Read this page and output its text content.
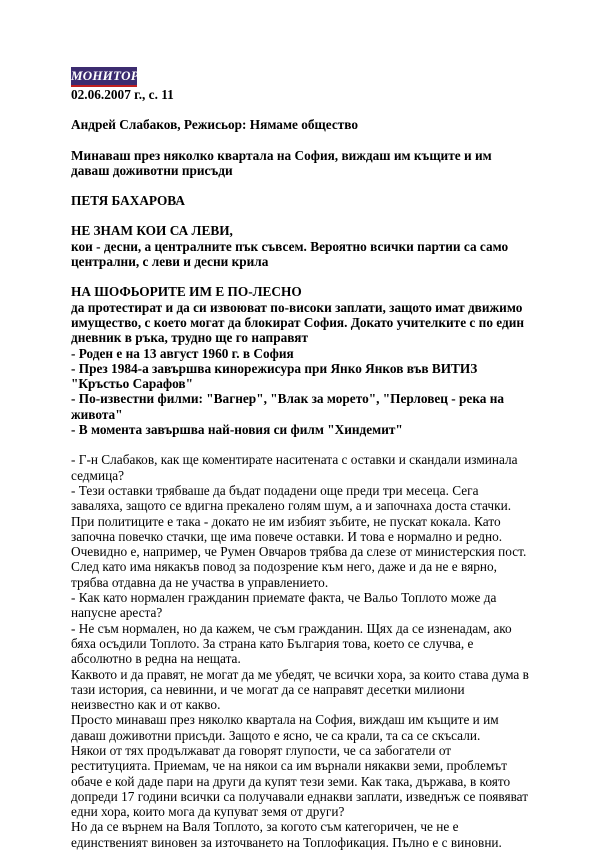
МОНИТОР

02.06.2007 г., с. 11

Андрей Слабаков, Режисьор: Нямаме общество

Минаваш през няколко квартала на София, виждаш им къщите и им даваш доживотни присъди

ПЕТЯ БАХАРОВА

НЕ ЗНАМ КОИ СА ЛЕВИ,

кои - десни, а централните пък съвсем. Вероятно всички партии са само централни, с леви и десни крила

НА ШОФЬОРИТЕ ИМ Е ПО-ЛЕСНО

да протестират и да си извоюват по-високи заплати, защото имат движимо имущество, с което могат да блокират София. Докато учителките с по един дневник в ръка, трудно ще го направят

- Роден е на 13 август 1960 г. в София
- През 1984-а завършва кинорежисура при Янко Янков във ВИТИЗ "Кръстьо Сарафов"
- По-известни филми: "Вагнер", "Влак за морето", "Перловец - река на живота"
- В момента завършва най-новия си филм "Хиндемит"
- Г-н Слабаков, как ще коментирате наситената с оставки и скандали изминала седмица?
- Тези оставки трябваше да бъдат подадени още преди три месеца. Сега заваляха, защото се вдигна прекалено голям шум, а и започнаха доста стачки. При политиците е така - докато не им избият зъбите, не пускат кокала. Като започна повечко стачки, ще има повече оставки. И това е нормално и редно.
Очевидно е, например, че Румен Овчаров трябва да слезе от министерския пост. След като има някакъв повод за подозрение към него, даже и да не е вярно, трябва отдавна да не участва в управлението.
- Как като нормален гражданин приемате факта, че Вальо Топлото може да напусне ареста?
- Не съм нормален, но да кажем, че съм гражданин. Щях да се изненадам, ако бяха осъдили Топлото. За страна като България това, което се случва, е абсолютно в редна на нещата.
Каквото и да правят, не могат да ме убедят, че всички хора, за които става дума в тази история, са невинни, и че могат да се направят десетки милиони неизвестно как и от какво.
Просто минаваш през няколко квартала на София, виждаш им къщите и им даваш доживотни присъди. Защото е ясно, че са крали, та са се скъсали.
Някои от тях продължават да говорят глупости, че са забогатели от реституцията. Приемам, че на някои са им върнали някакви земи, проблемът обаче е кой даде пари на други да купят тези земи. Как така, държава, в която допреди 17 години всички са получавали еднакви заплати, изведнъж се появяват едни хора, които мога да купуват земя от други?
Но да се върнем на Валя Топлото, за когото съм категоричен, че не е единственият виновен за източването на Топлофикация. Пълно е с виновни.
